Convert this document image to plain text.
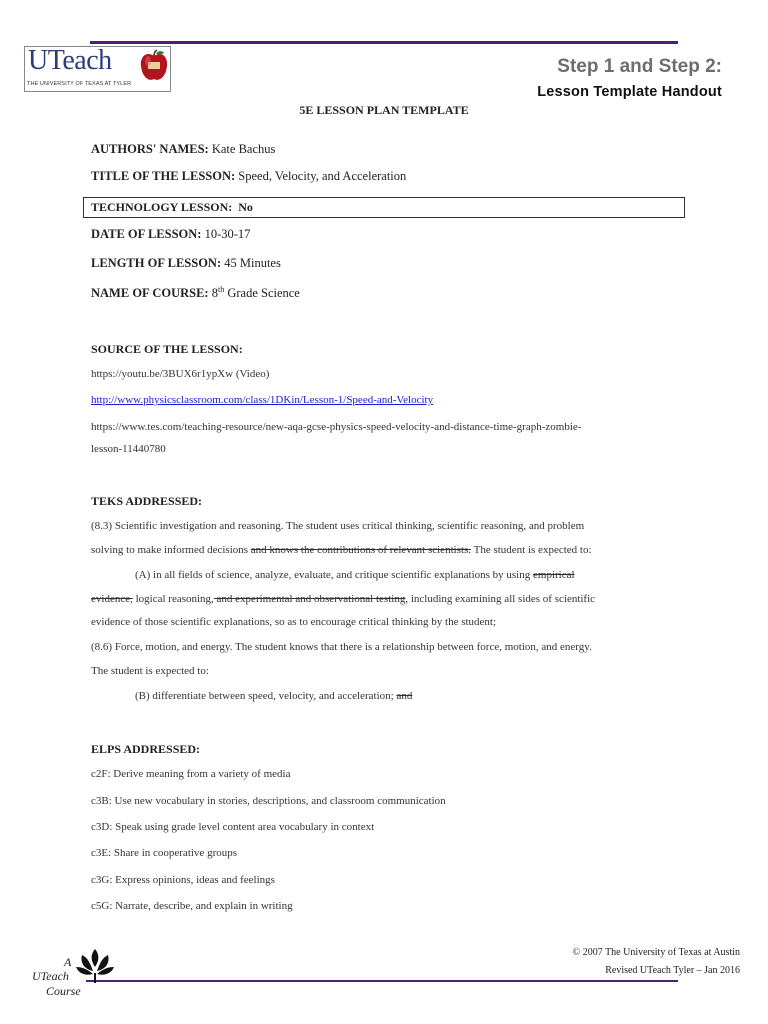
UTeach
THE UNIVERSITY OF TEXAS AT TYLER
Step 1 and Step 2:
Lesson Template Handout
5E LESSON PLAN TEMPLATE
AUTHORS' NAMES: Kate Bachus
TITLE OF THE LESSON: Speed, Velocity, and Acceleration
TECHNOLOGY LESSON: No
DATE OF LESSON: 10-30-17
LENGTH OF LESSON: 45 Minutes
NAME OF COURSE: 8th Grade Science
SOURCE OF THE LESSON:
https://youtu.be/3BUX6r1ypXw (Video)
http://www.physicsclassroom.com/class/1DKin/Lesson-1/Speed-and-Velocity
https://www.tes.com/teaching-resource/new-aqa-gcse-physics-speed-velocity-and-distance-time-graph-zombie-
lesson-11440780
TEKS ADDRESSED:
(8.3) Scientific investigation and reasoning. The student uses critical thinking, scientific reasoning, and problem
solving to make informed decisions and knows the contributions of relevant scientists. The student is expected to:
(A) in all fields of science, analyze, evaluate, and critique scientific explanations by using empirical
evidence, logical reasoning, and experimental and observational testing, including examining all sides of scientific
evidence of those scientific explanations, so as to encourage critical thinking by the student;
(8.6) Force, motion, and energy. The student knows that there is a relationship between force, motion, and energy.
The student is expected to:
(B) differentiate between speed, velocity, and acceleration; and
ELPS ADDRESSED:
c2F: Derive meaning from a variety of media
c3B: Use new vocabulary in stories, descriptions, and classroom communication
c3D: Speak using grade level content area vocabulary in context
c3E: Share in cooperative groups
c3G: Express opinions, ideas and feelings
c5G: Narrate, describe, and explain in writing
© 2007 The University of Texas at Austin
Revised UTeach Tyler – Jan 2016
A
UTeach
Course
